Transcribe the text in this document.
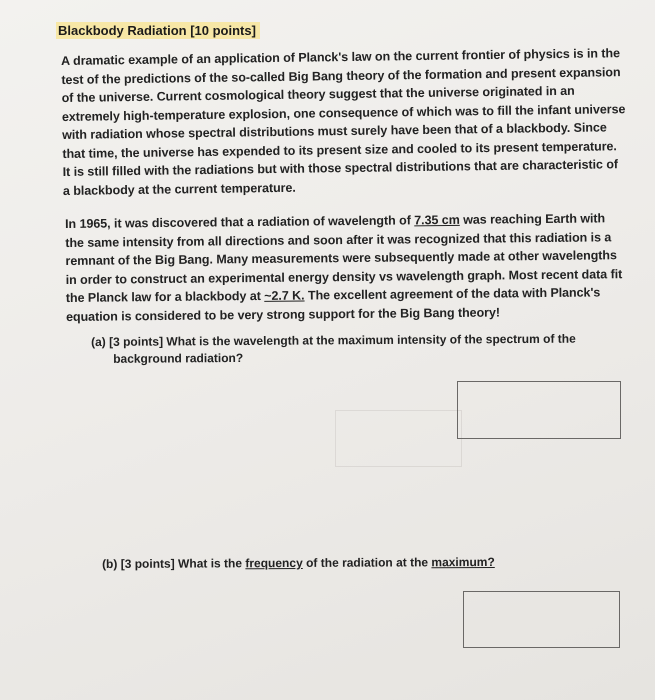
Blackbody Radiation [10 points]

A dramatic example of an application of Planck's law on the current frontier of physics is in the test of the predictions of the so-called Big Bang theory of the formation and present expansion of the universe. Current cosmological theory suggest that the universe originated in an extremely high-temperature explosion, one consequence of which was to fill the infant universe with radiation whose spectral distributions must surely have been that of a blackbody. Since that time, the universe has expended to its present size and cooled to its present temperature. It is still filled with the radiations but with those spectral distributions that are characteristic of a blackbody at the current temperature.

In 1965, it was discovered that a radiation of wavelength of 7.35 cm was reaching Earth with the same intensity from all directions and soon after it was recognized that this radiation is a remnant of the Big Bang. Many measurements were subsequently made at other wavelengths in order to construct an experimental energy density vs wavelength graph. Most recent data fit the Planck law for a blackbody at ~2.7 K. The excellent agreement of the data with Planck's equation is considered to be very strong support for the Big Bang theory!

(a) [3 points] What is the wavelength at the maximum intensity of the spectrum of the
background radiation?

(b) [3 points] What is the frequency of the radiation at the maximum?
